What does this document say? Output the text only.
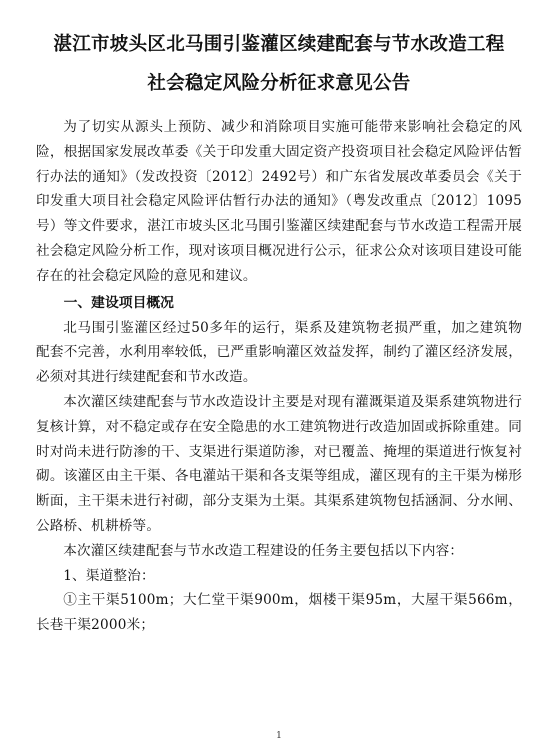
湛江市坡头区北马围引鉴灌区续建配套与节水改造工程
社会稳定风险分析征求意见公告

为了切实从源头上预防、减少和消除项目实施可能带来影响社会稳定的风险，根据国家发展改革委《关于印发重大固定资产投资项目社会稳定风险评估暂行办法的通知》（发改投资〔2012〕2492号）和广东省发展改革委员会《关于印发重大项目社会稳定风险评估暂行办法的通知》（粤发改重点〔2012〕1095号）等文件要求，湛江市坡头区北马围引鉴灌区续建配套与节水改造工程需开展社会稳定风险分析工作，现对该项目概况进行公示，征求公众对该项目建设可能存在的社会稳定风险的意见和建议。

一、建设项目概况

北马围引鉴灌区经过50多年的运行，渠系及建筑物老损严重，加之建筑物配套不完善，水利用率较低，已严重影响灌区效益发挥，制约了灌区经济发展，必须对其进行续建配套和节水改造。

本次灌区续建配套与节水改造设计主要是对现有灌溉渠道及渠系建筑物进行复核计算，对不稳定或存在安全隐患的水工建筑物进行改造加固或拆除重建。同时对尚未进行防渗的干、支渠进行渠道防渗，对已覆盖、掩埋的渠道进行恢复衬砌。该灌区由主干渠、各电灌站干渠和各支渠等组成，灌区现有的主干渠为梯形断面，主干渠未进行衬砌，部分支渠为土渠。其渠系建筑物包括涵洞、分水闸、公路桥、机耕桥等。

本次灌区续建配套与节水改造工程建设的任务主要包括以下内容：

1、渠道整治：

①主干渠5100m；大仁堂干渠900m，烟楼干渠95m，大屋干渠566m，长巷干渠2000米；

1
